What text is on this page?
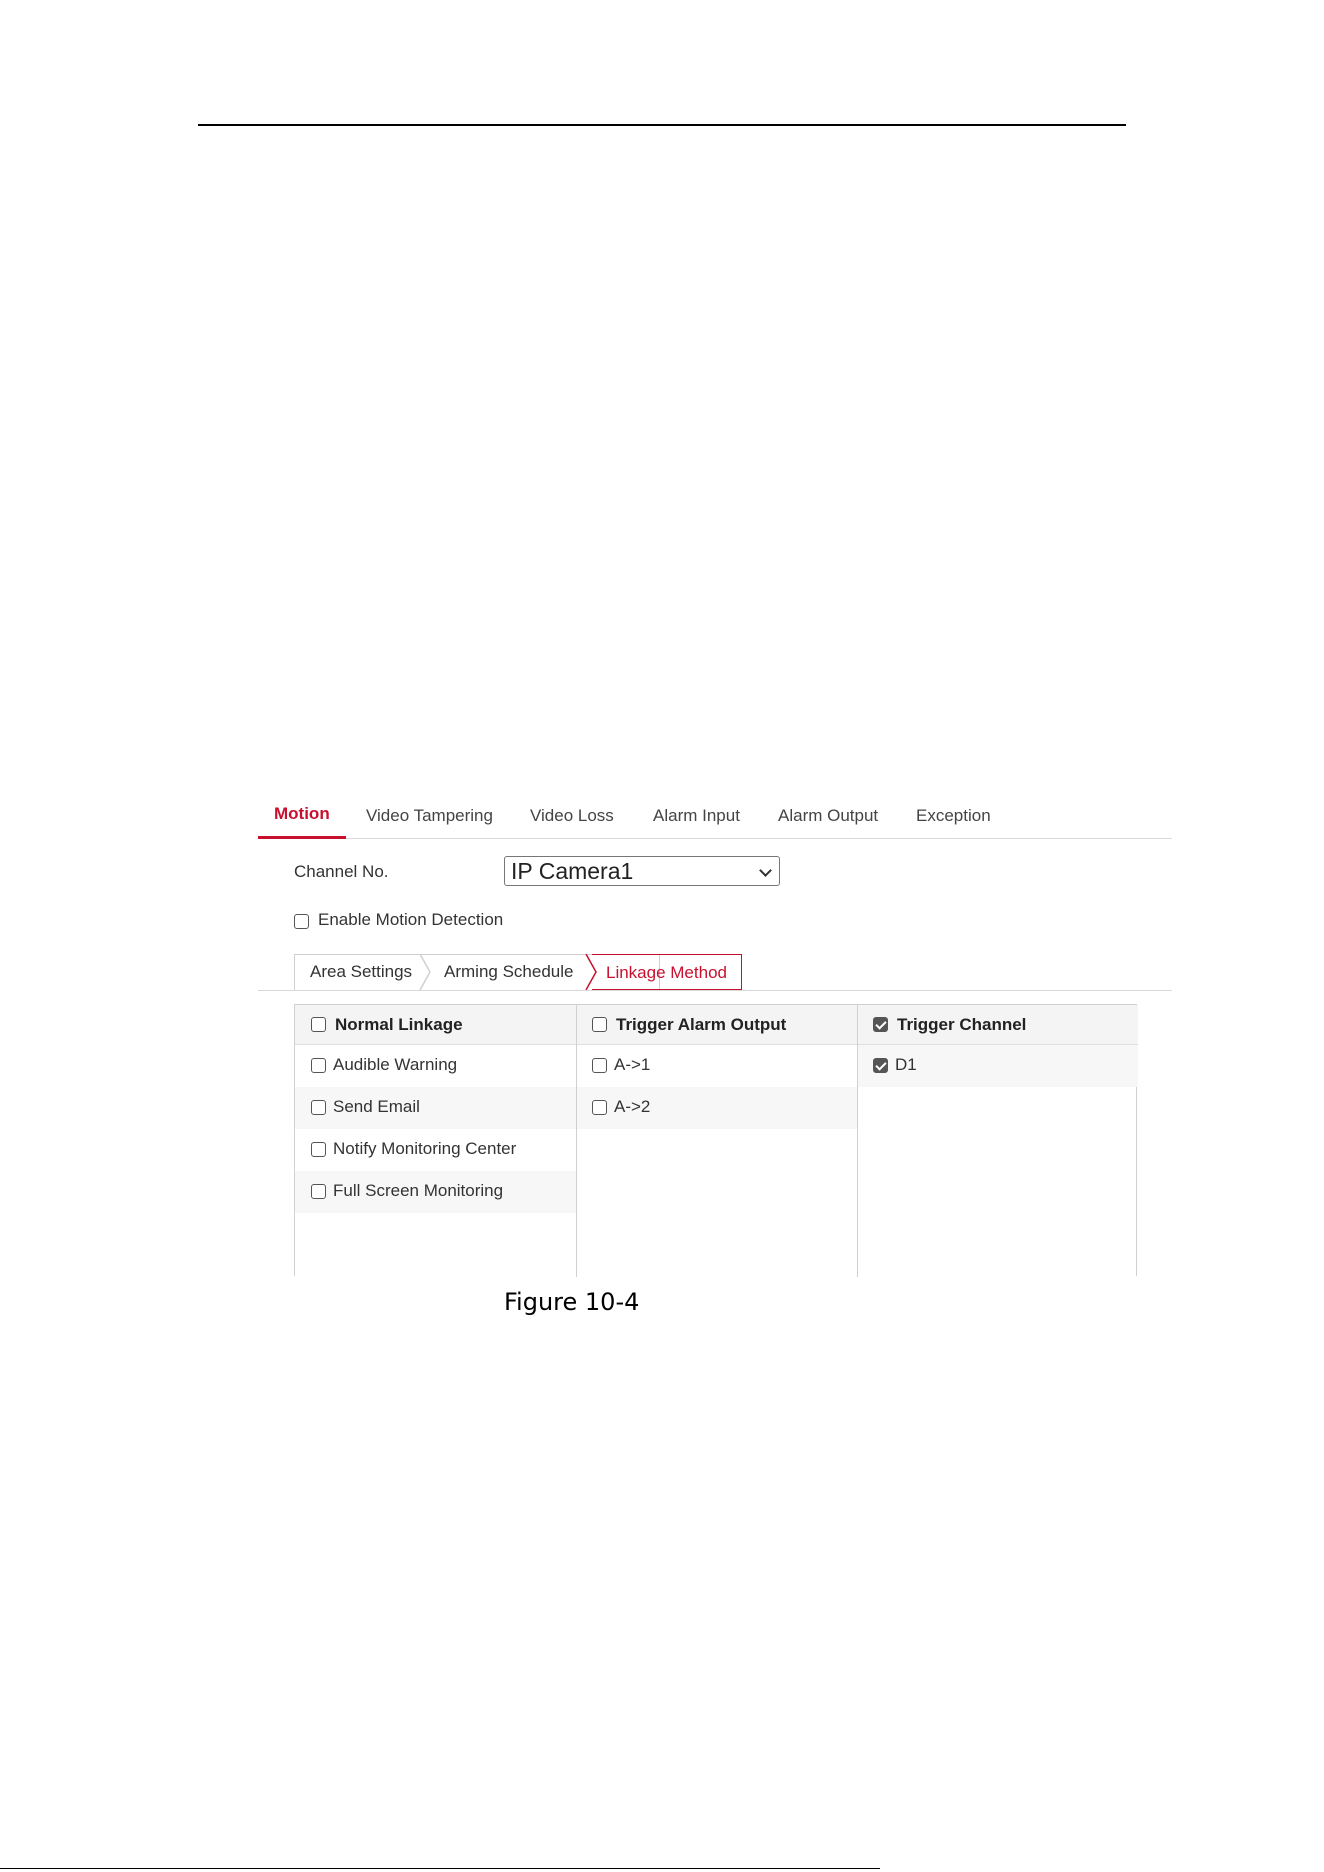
Motion Video Tampering Video Loss Alarm Input Alarm Output Exception
Channel No.	IP Camera1
Enable Motion Detection
Area Settings Arming Schedule	Linkage Method
Normal Linkage
Audible Warning
Send Email
Notify Monitoring Center
Full Screen Monitoring
Trigger Alarm Output
A->1
A->2
Trigger Channel
D1
Figure 10-4
